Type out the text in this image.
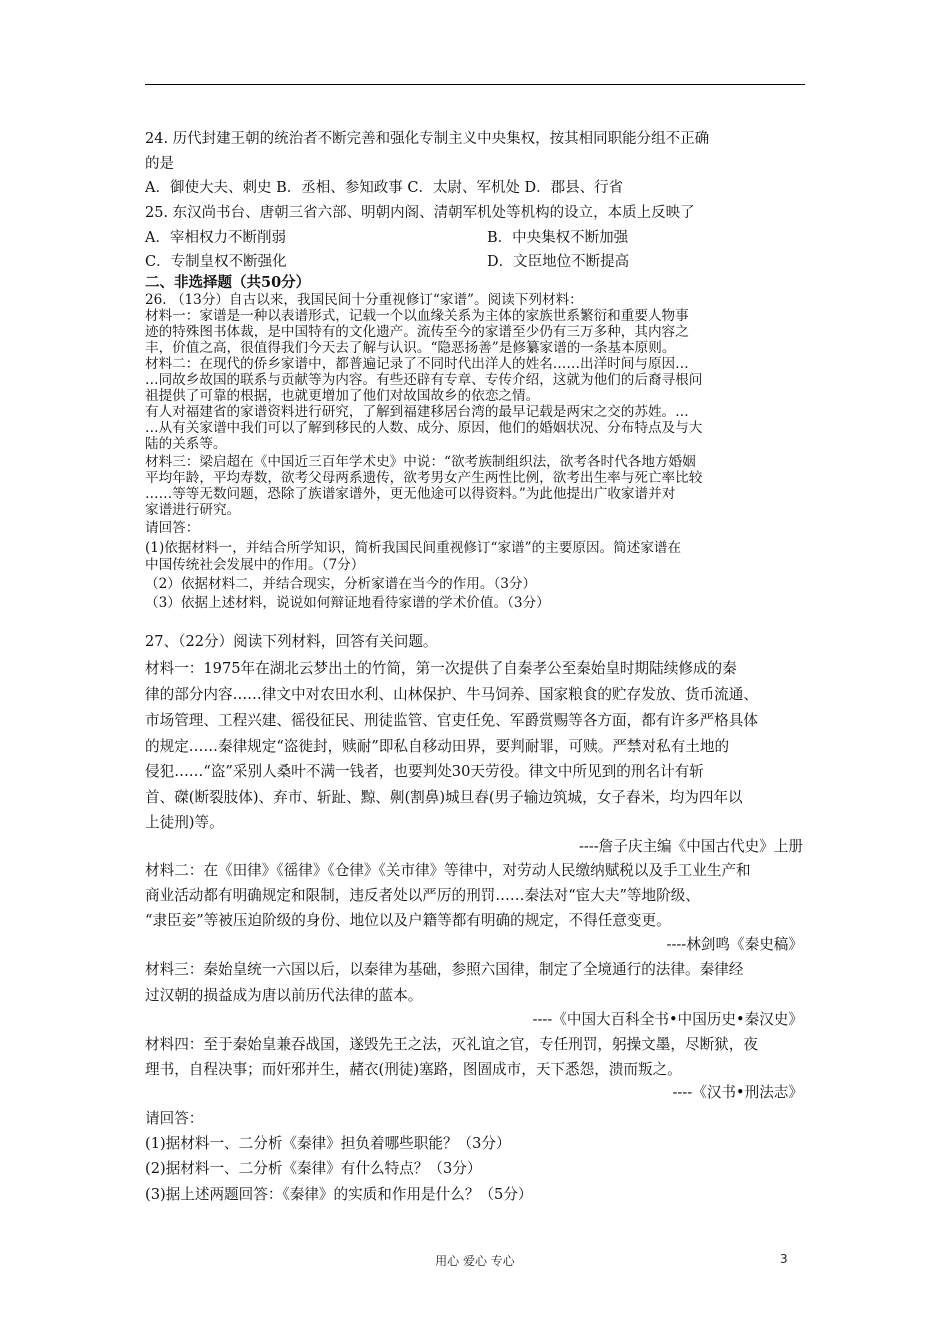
24. 历代封建王朝的统治者不断完善和强化专制主义中央集权，按其相同职能分组不正确
的是
A．御使大夫、刺史 B．丞相、参知政事 C．太尉、军机处 D．郡县、行省
25. 东汉尚书台、唐朝三省六部、明朝内阁、清朝军机处等机构的设立，本质上反映了
A．宰相权力不断削弱	B．中央集权不断加强
C．专制皇权不断强化	D．文臣地位不断提高
二、非选择题（共50分）
26. （13分）自古以来，我国民间十分重视修订“家谱”。阅读下列材料：
材料一：家谱是一种以表谱形式，记载一个以血缘关系为主体的家族世系繁衍和重要人物事
迹的特殊图书体裁，是中国特有的文化遗产。流传至今的家谱至少仍有三万多种，其内容之
丰，价值之高，很值得我们今天去了解与认识。“隐恶扬善”是修纂家谱的一条基本原则。
材料二：在现代的侨乡家谱中，都普遍记录了不同时代出洋人的姓名……出洋时间与原因…
…同故乡故国的联系与贡献等为内容。有些还辟有专章、专传介绍，这就为他们的后裔寻根问
祖提供了可靠的根据，也就更增加了他们对故国故乡的依恋之情。
有人对福建省的家谱资料进行研究，了解到福建移居台湾的最早记载是两宋之交的苏姓。…
…从有关家谱中我们可以了解到移民的人数、成分、原因，他们的婚姻状况、分布特点及与大
陆的关系等。
材料三：梁启超在《中国近三百年学术史》中说：“欲考族制组织法，欲考各时代各地方婚姻
平均年龄，平均寿数，欲考父母两系遗传，欲考男女产生两性比例，欲考出生率与死亡率比较
……等等无数问题，恐除了族谱家谱外，更无他途可以得资料。”为此他提出广收家谱并对
家谱进行研究。
请回答：
(1)依据材料一，并结合所学知识，简析我国民间重视修订“家谱”的主要原因。简述家谱在
中国传统社会发展中的作用。（7分）
（2）依据材料二，并结合现实，分析家谱在当今的作用。（3分）
（3）依据上述材料，说说如何辩证地看待家谱的学术价值。（3分）
27、（22分）阅读下列材料，回答有关问题。
材料一：1975年在湖北云梦出土的竹简，第一次提供了自秦孝公至秦始皇时期陆续修成的秦
律的部分内容……律文中对农田水利、山林保护、牛马饲养、国家粮食的贮存发放、货币流通、
市场管理、工程兴建、徭役征民、刑徒监管、官吏任免、军爵赏赐等各方面，都有许多严格具体
的规定……秦律规定“盗徙封，赎耐”即私自移动田界，要判耐罪，可赎。严禁对私有土地的
侵犯……“盗”采别人桑叶不满一钱者，也要判处30天劳役。律文中所见到的刑名计有斩
首、磔(断裂肢体)、弃市、斩趾、黥、劓(割鼻)城旦舂(男子输边筑城，女子舂米，均为四年以
上徒刑)等。
----詹子庆主编《中国古代史》上册
材料二：在《田律》《徭律》《仓律》《关市律》等律中，对劳动人民缴纳赋税以及手工业生产和
商业活动都有明确规定和限制，违反者处以严厉的刑罚……秦法对“宦大夫”等地阶级、
“隶臣妾”等被压迫阶级的身份、地位以及户籍等都有明确的规定，不得任意变更。
----林剑鸣《秦史稿》
材料三：秦始皇统一六国以后，以秦律为基础，参照六国律，制定了全境通行的法律。秦律经
过汉朝的损益成为唐以前历代法律的蓝本。
----《中国大百科全书•中国历史•秦汉史》
材料四：至于秦始皇兼吞战国，遂毁先王之法，灭礼谊之官，专任刑罚，躬操文墨，尽断狱，夜
理书，自程决事；而奸邪并生，赭衣(刑徒)塞路，图圄成市，天下悉怨，溃而叛之。
----《汉书•刑法志》
请回答：
(1)据材料一、二分析《秦律》担负着哪些职能？（3分）
(2)据材料一、二分析《秦律》有什么特点？（3分）
(3)据上述两题回答：《秦律》的实质和作用是什么？（5分）
用心 爱心 专心	3
